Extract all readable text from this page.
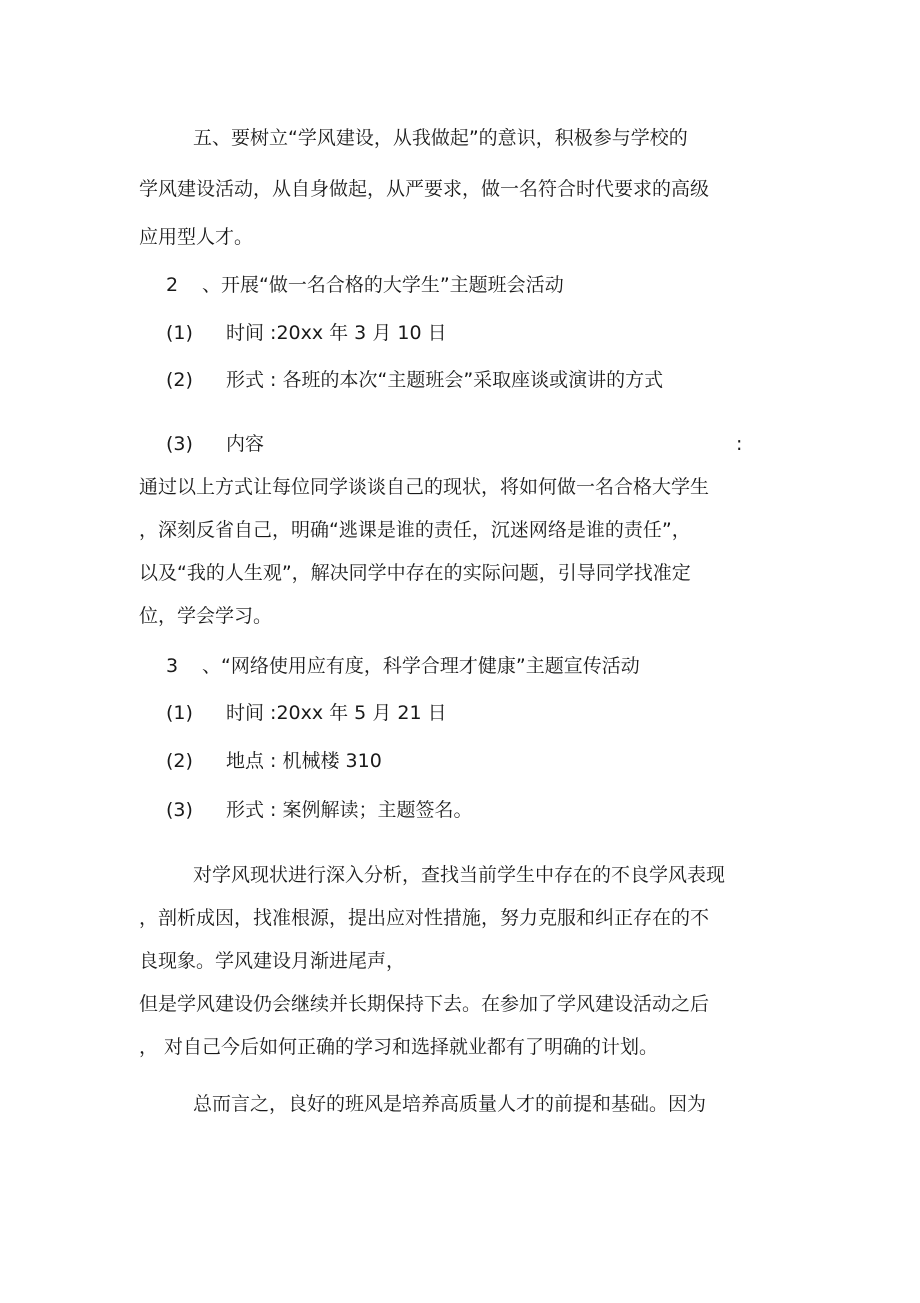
五、要树立“学风建设，从我做起”的意识，积极参与学校的
学风建设活动，从自身做起，从严要求，做一名符合时代要求的高级
应用型人才。
2 、开展“做一名合格的大学生”主题班会活动
(1) 时间 :20xx 年 3 月 10 日
(2) 形式 : 各班的本次“主题班会”采取座谈或演讲的方式
(3) 内容	:
通过以上方式让每位同学谈谈自己的现状，将如何做一名合格大学生
，深刻反省自己，明确“逃课是谁的责任，沉迷网络是谁的责任”，
以及“我的人生观”，解决同学中存在的实际问题，引导同学找准定
位，学会学习。
3 、“网络使用应有度，科学合理才健康”主题宣传活动
(1) 时间 :20xx 年 5 月 21 日
(2) 地点 : 机械楼 310
(3) 形式 : 案例解读；主题签名。
对学风现状进行深入分析，查找当前学生中存在的不良学风表现
，剖析成因，找准根源，提出应对性措施，努力克服和纠正存在的不
良现象。学风建设月渐进尾声，
但是学风建设仍会继续并长期保持下去。在参加了学风建设活动之后
， 对自己今后如何正确的学习和选择就业都有了明确的计划。
总而言之，良好的班风是培养高质量人才的前提和基础。因为
